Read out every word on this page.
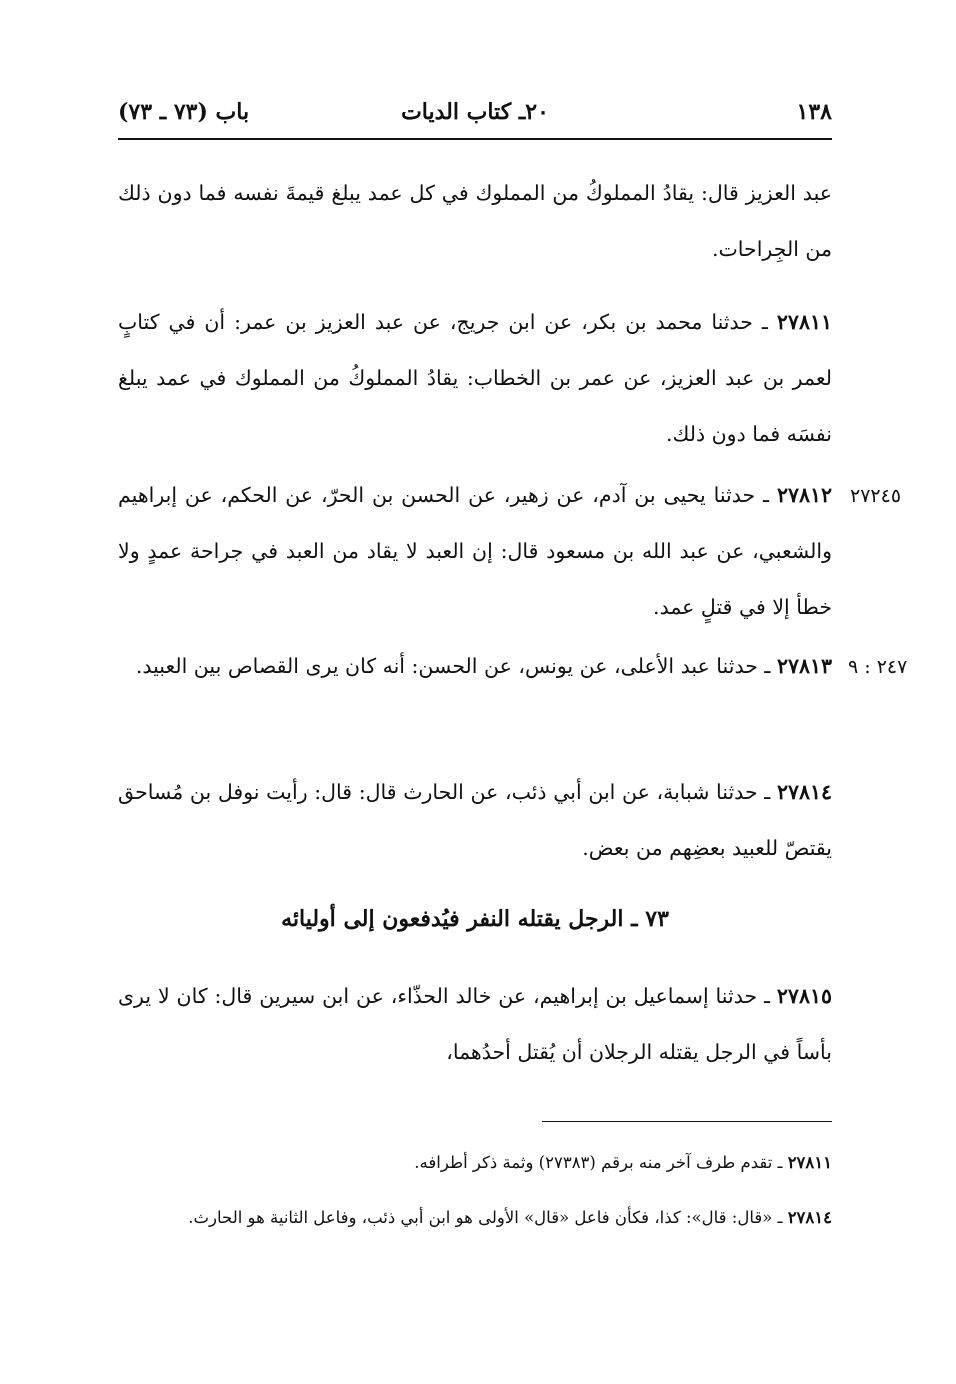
١٣٨
٢٠ـ كتاب الديات
باب (٧٣ ـ ٧٣)
عبد العزيز قال: يقادُ المملوكُ من المملوك في كل عمد يبلغ قيمةَ نفسه فما دون ذلك من الجِراحات.
٢٧٨١١ ـ حدثنا محمد بن بكر، عن ابن جريج، عن عبد العزيز بن عمر: أن في كتابٍ لعمر بن عبد العزيز، عن عمر بن الخطاب: يقادُ المملوكُ من المملوك في عمد يبلغ نفسَه فما دون ذلك.
٢٧٨١٢ ـ حدثنا يحيى بن آدم، عن زهير، عن الحسن بن الحرّ، عن الحكم، عن إبراهيم والشعبي، عن عبد الله بن مسعود قال: إن العبد لا يقاد من العبد في جراحة عمدٍ ولا خطأ إلا في قتلٍ عمد.
٢٧٢٤٥
٢٧٨١٣ ـ حدثنا عبد الأعلى، عن يونس، عن الحسن: أنه كان يرى القصاص بين العبيد.	٢٤٧ : ٩
٢٧٨١٤ ـ حدثنا شبابة، عن ابن أبي ذئب، عن الحارث قال: قال: رأيت نوفل بن مُساحق يقتصّ للعبيد بعضِهم من بعض.
٧٣ ـ الرجل يقتله النفر فيُدفعون إلى أوليائه
٢٧٨١٥ ـ حدثنا إسماعيل بن إبراهيم، عن خالد الحذّاء، عن ابن سيرين قال: كان لا يرى بأساً في الرجل يقتله الرجلان أن يُقتل أحدُهما،
٢٧٨١١ ـ تقدم طرف آخر منه برقم (٢٧٣٨٣) وثمة ذكر أطرافه.
٢٧٨١٤ ـ «قال: قال»: كذا، فكأن فاعل «قال» الأولى هو ابن أبي ذئب، وفاعل الثانية هو الحارث.
